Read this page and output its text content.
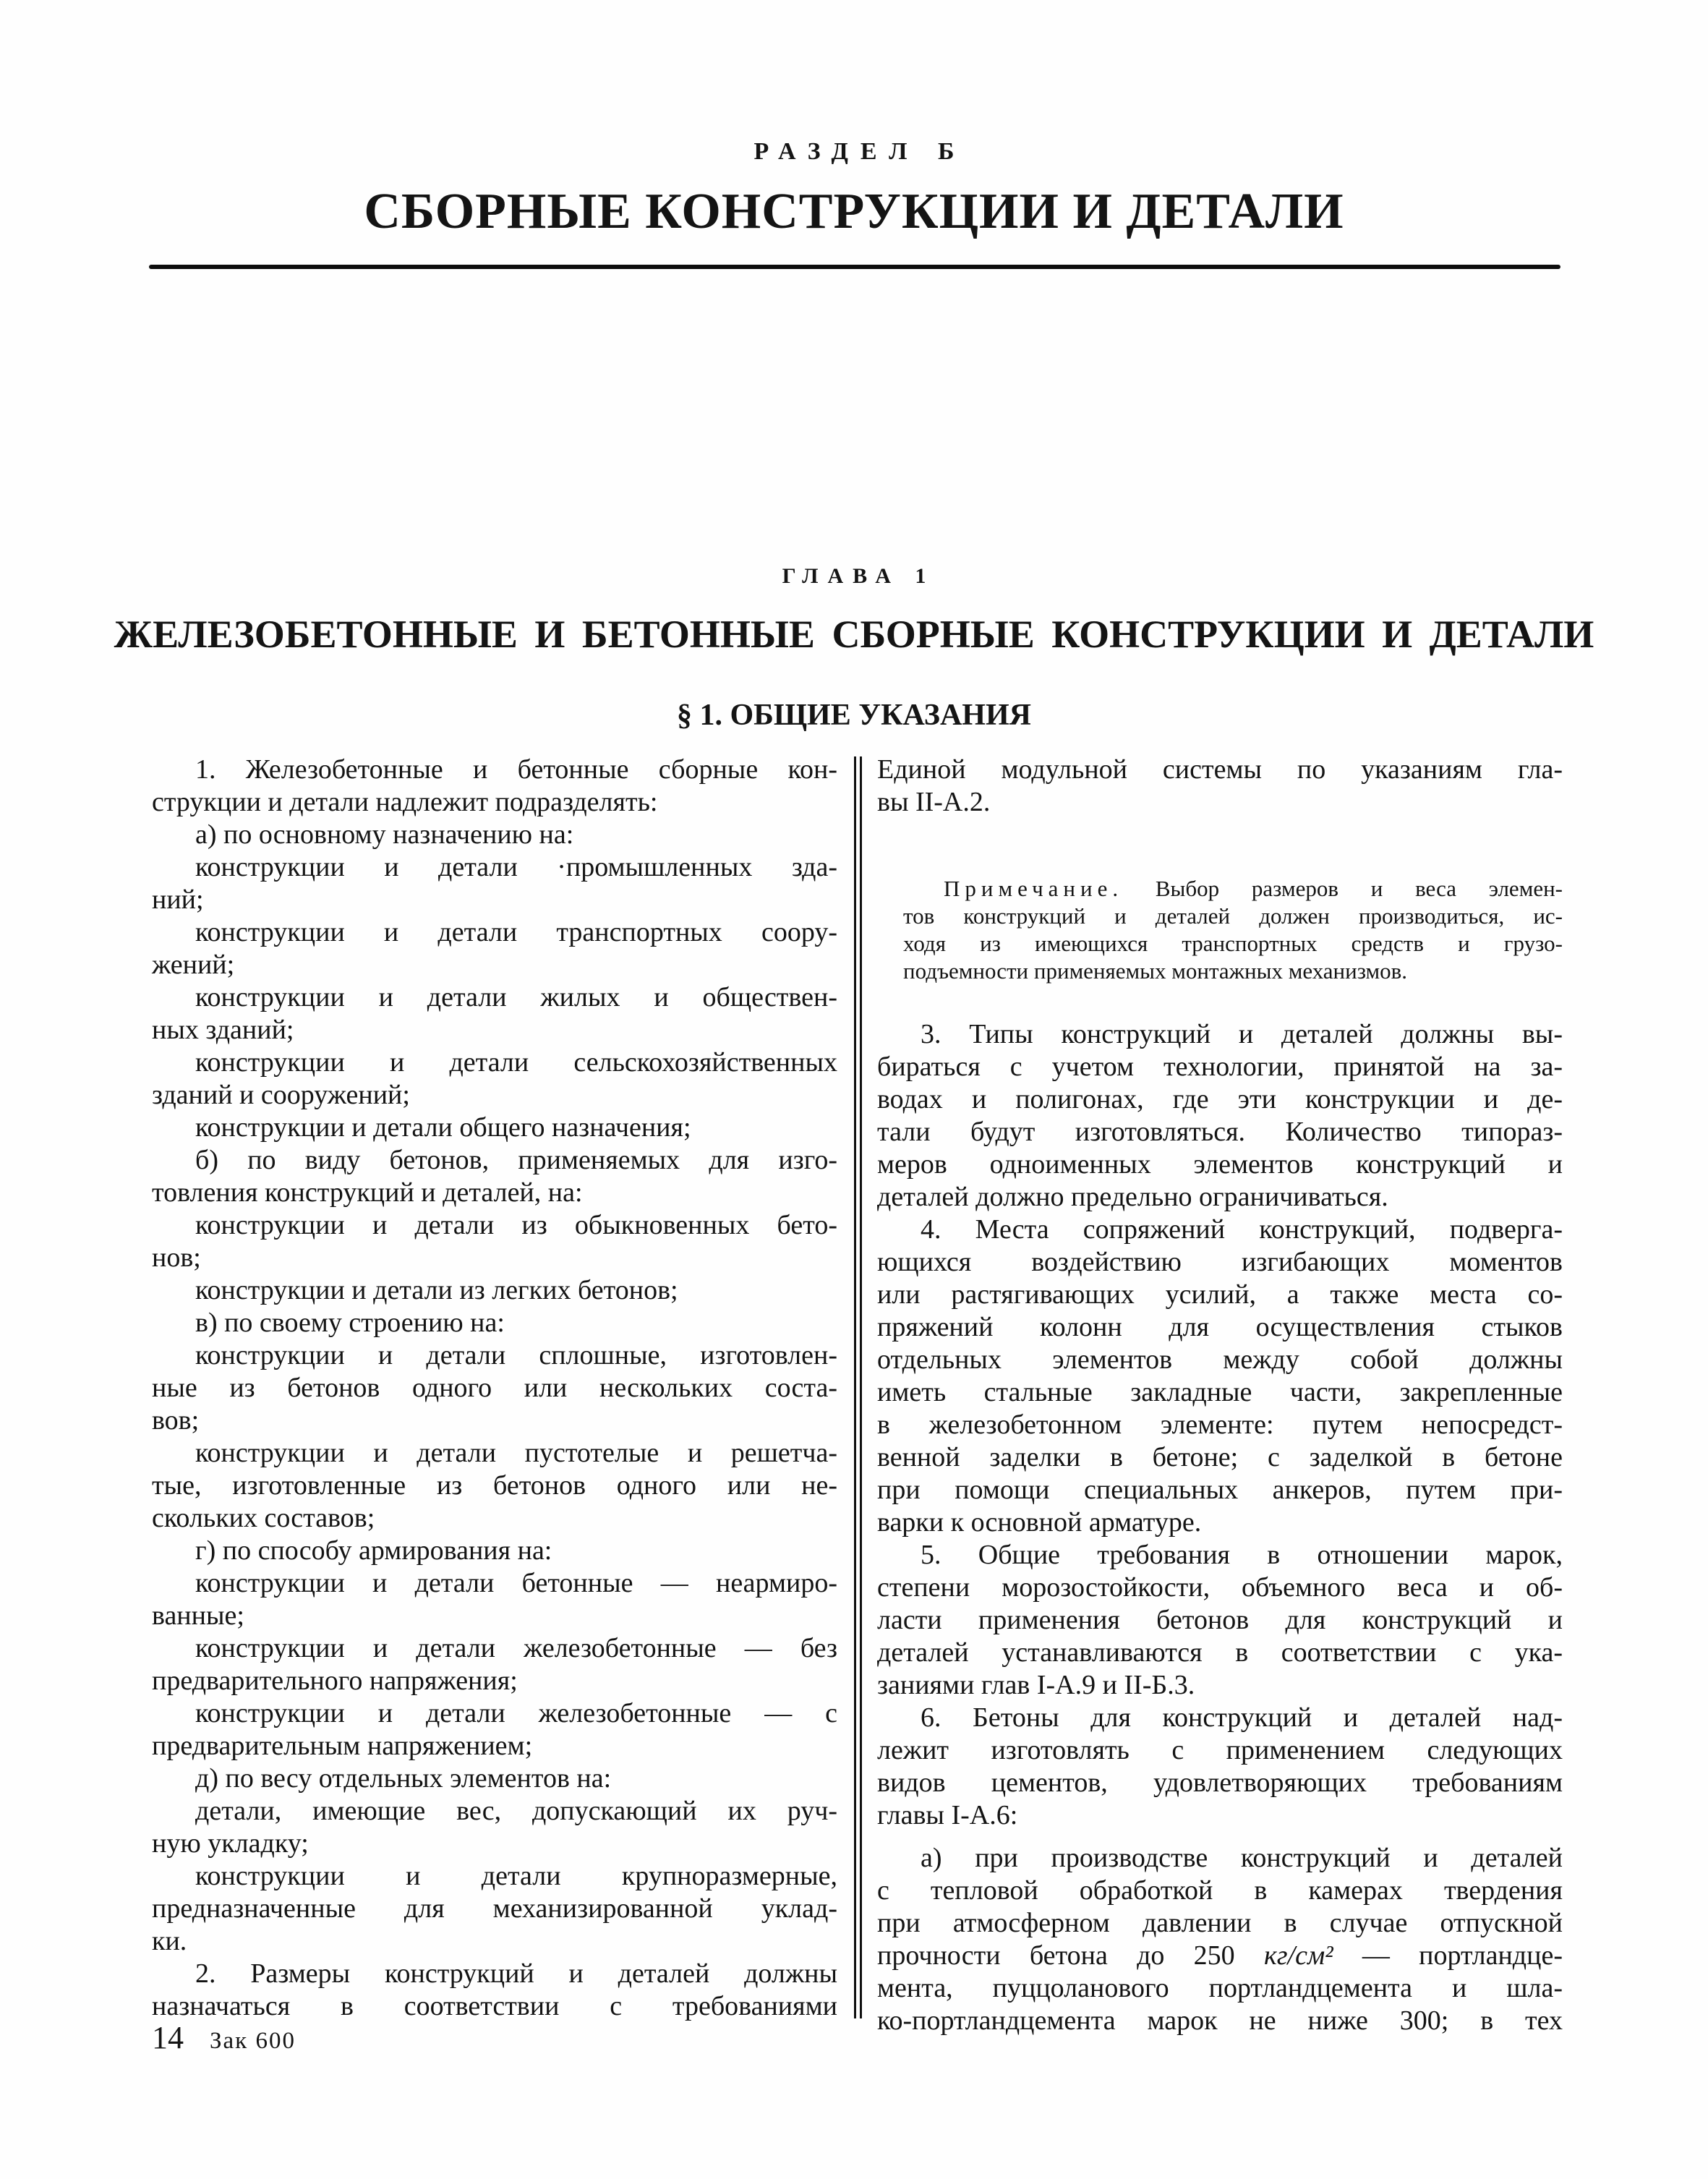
РАЗДЕЛ Б
СБОРНЫЕ КОНСТРУКЦИИ И ДЕТАЛИ
ГЛАВА 1
ЖЕЛЕЗОБЕТОННЫЕ И БЕТОННЫЕ СБОРНЫЕ КОНСТРУКЦИИ И ДЕТАЛИ
§ 1. ОБЩИЕ УКАЗАНИЯ

1. Железобетонные и бетонные сборные кон-
струкции и детали надлежит подразделять:

а) по основному назначению на:

конструкции и детали ·промышленных зда-
ний;

конструкции и детали транспортных соору-
жений;

конструкции и детали жилых и обществен-
ных зданий;

конструкции и детали сельскохозяйственных
зданий и сооружений;

конструкции и детали общего назначения;

б) по виду бетонов, применяемых для изго-
товления конструкций и деталей, на:

конструкции и детали из обыкновенных бето-
нов;

конструкции и детали из легких бетонов;

в) по своему строению на:

конструкции и детали сплошные, изготовлен-
ные из бетонов одного или нескольких соста-
вов;

конструкции и детали пустотелые и решетча-
тые, изготовленные из бетонов одного или не-
скольких составов;

г) по способу армирования на:

конструкции и детали бетонные — неармиро-
ванные;

конструкции и детали железобетонные — без
предварительного напряжения;

конструкции и детали железобетонные — с
предварительным напряжением;

д) по весу отдельных элементов на:

детали, имеющие вес, допускающий их руч-
ную укладку;

конструкции и детали крупноразмерные,
предназначенные для механизированной уклад-
ки.

2. Размеры конструкций и деталей должны
назначаться в соответствии с требованиями

Единой модульной системы по указаниям гла-
вы II-А.2.

Примечание. Выбор размеров и веса элемен-
тов конструкций и деталей должен производиться, ис-
ходя из имеющихся транспортных средств и грузо-
подъемности применяемых монтажных механизмов.

3. Типы конструкций и деталей должны вы-
бираться с учетом технологии, принятой на за-
водах и полигонах, где эти конструкции и де-
тали будут изготовляться. Количество типораз-
меров одноименных элементов конструкций и
деталей должно предельно ограничиваться.

4. Места сопряжений конструкций, подверга-
ющихся воздействию изгибающих моментов
или растягивающих усилий, а также места со-
пряжений колонн для осуществления стыков
отдельных элементов между собой должны
иметь стальные закладные части, закрепленные
в железобетонном элементе: путем непосредст-
венной заделки в бетоне; с заделкой в бетоне
при помощи специальных анкеров, путем при-
варки к основной арматуре.

5. Общие требования в отношении марок,
степени морозостойкости, объемного веса и об-
ласти применения бетонов для конструкций и
деталей устанавливаются в соответствии с ука-
заниями глав I-А.9 и II-Б.3.

6. Бетоны для конструкций и деталей над-
лежит изготовлять с применением следующих
видов цементов, удовлетворяющих требованиям
главы I-А.6:

а) при производстве конструкций и деталей
с тепловой обработкой в камерах твердения
при атмосферном давлении в случае отпускной
прочности бетона до 250 кг/см² — портландце-
мента, пуццоланового портландцемента и шла-
ко-портландцемента марок не ниже 300; в тех

14 Зак 600
